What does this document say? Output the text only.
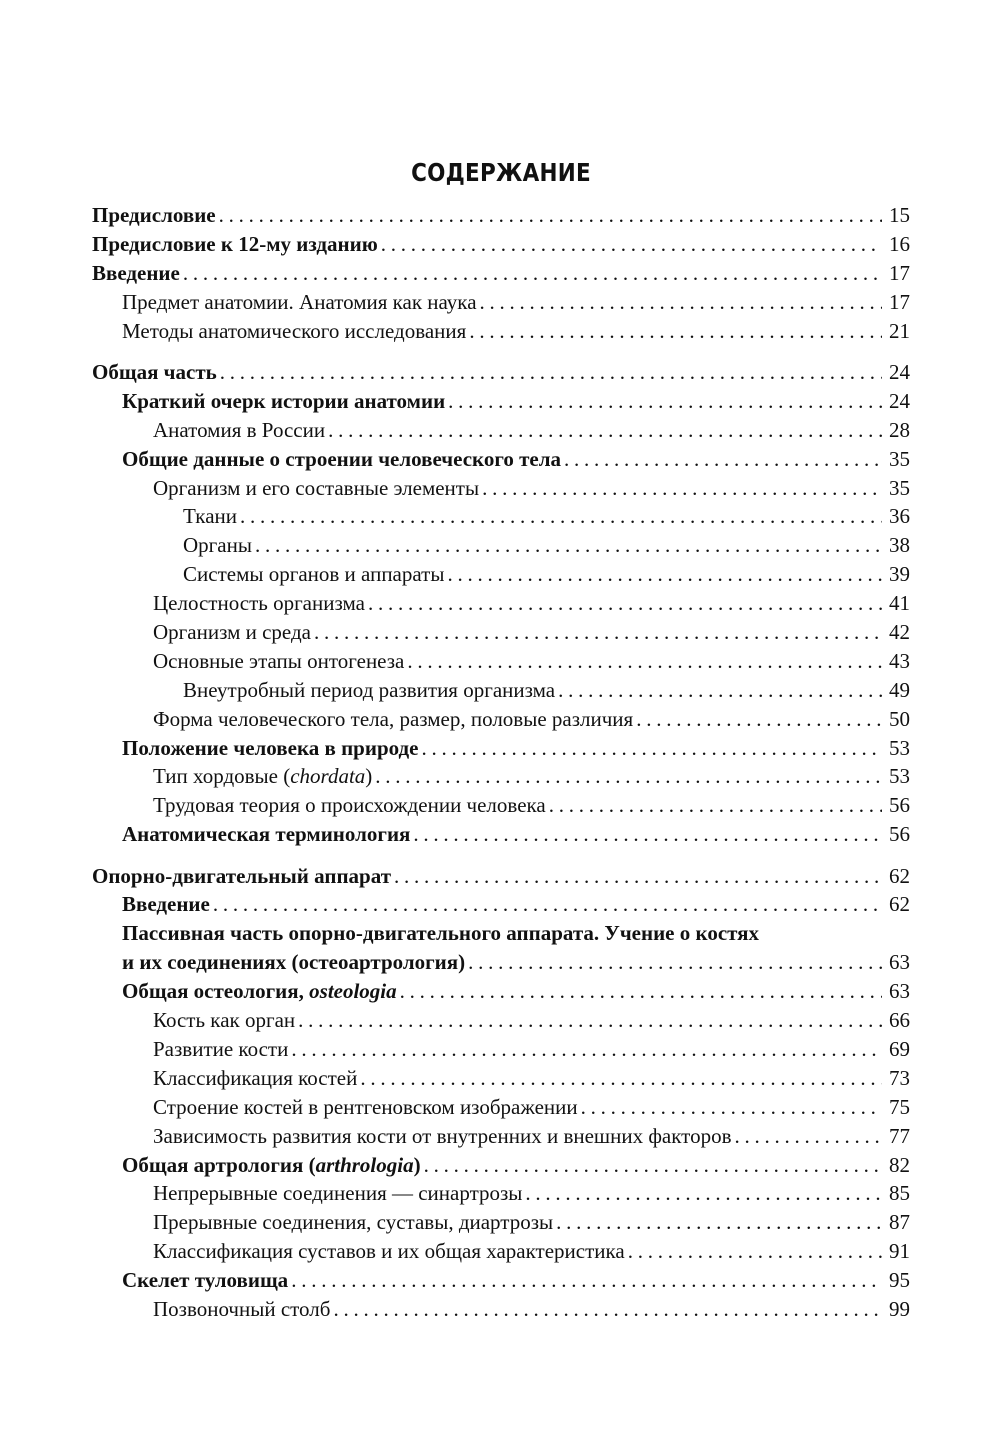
СОДЕРЖАНИЕ
Предисловие . . .	15
Предисловие к 12-му изданию . . .	16
Введение . . .	17
Предмет анатомии. Анатомия как наука . . .	17
Методы анатомического исследования . . .	21
Общая часть . . .	24
Краткий очерк истории анатомии . . .	24
Анатомия в России . . .	28
Общие данные о строении человеческого тела . . .	35
Организм и его составные элементы . . .	35
Ткани . . .	36
Органы . . .	38
Системы органов и аппараты . . .	39
Целостность организма . . .	41
Организм и среда . . .	42
Основные этапы онтогенеза . . .	43
Внеутробный период развития организма . . .	49
Форма человеческого тела, размер, половые различия . . .	50
Положение человека в природе . . .	53
Тип хордовые (chordata) . . .	53
Трудовая теория о происхождении человека . . .	56
Анатомическая терминология . . .	56
Опорно-двигательный аппарат . . .	62
Введение . . .	62
Пассивная часть опорно-двигательного аппарата. Учение о костях
и их соединениях (остеоартрология) . . .	63
Общая остеология, osteologia . . .	63
Кость как орган . . .	66
Развитие кости . . .	69
Классификация костей . . .	73
Строение костей в рентгеновском изображении . . .	75
Зависимость развития кости от внутренних и внешних факторов . . .	77
Общая артрология (arthrologia) . . .	82
Непрерывные соединения — синартрозы . . .	85
Прерывные соединения, суставы, диартрозы . . .	87
Классификация суставов и их общая характеристика . . .	91
Скелет туловища . . .	95
Позвоночный столб . . .	99
